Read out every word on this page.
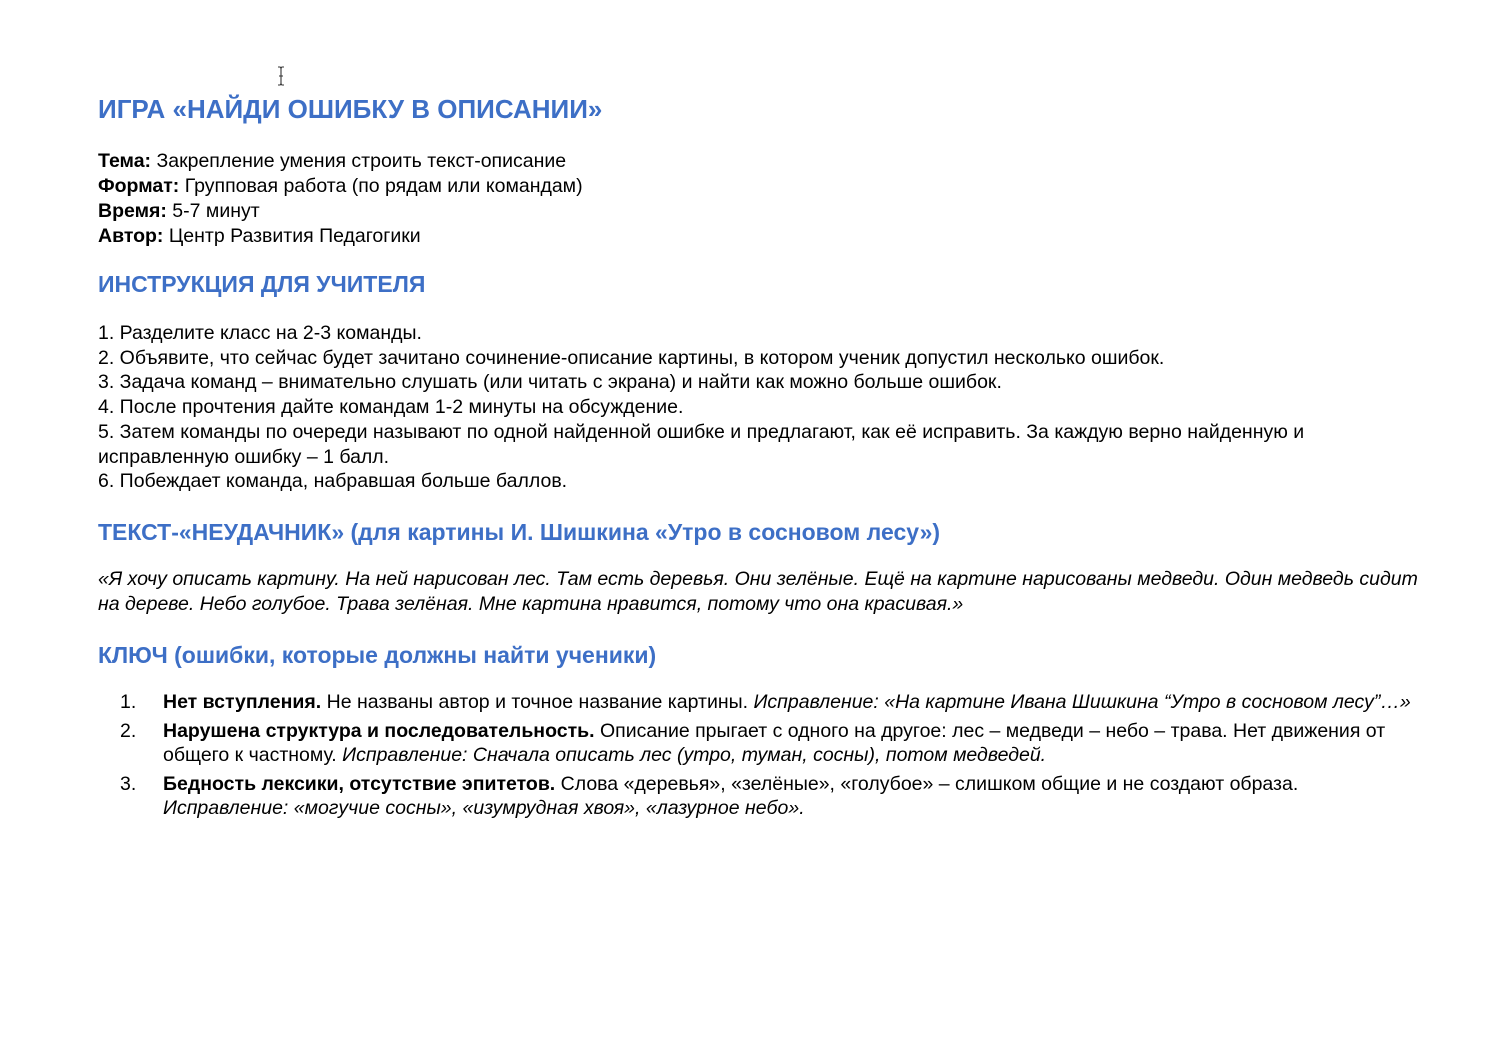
ИГРА «НАЙДИ ОШИБКУ В ОПИСАНИИ»
Тема: Закрепление умения строить текст-описание
Формат: Групповая работа (по рядам или командам)
Время: 5-7 минут
Автор: Центр Развития Педагогики
ИНСТРУКЦИЯ ДЛЯ УЧИТЕЛЯ

1. Разделите класс на 2-3 команды.

2. Объявите, что сейчас будет зачитано сочинение-описание картины, в котором ученик допустил несколько ошибок.

3. Задача команд – внимательно слушать (или читать с экрана) и найти как можно больше ошибок.

4. После прочтения дайте командам 1-2 минуты на обсуждение.

5. Затем команды по очереди называют по одной найденной ошибке и предлагают, как её исправить. За каждую верно найденную и исправленную ошибку – 1 балл.

6. Побеждает команда, набравшая больше баллов.

ТЕКСТ-«НЕУДАЧНИК» (для картины И. Шишкина «Утро в сосновом лесу»)

«Я хочу описать картину. На ней нарисован лес. Там есть деревья. Они зелёные. Ещё на картине нарисованы медведи. Один медведь сидит на дереве. Небо голубое. Трава зелёная. Мне картина нравится, потому что она красивая.»

КЛЮЧ (ошибки, которые должны найти ученики)
1. Нет вступления. Не названы автор и точное название картины. Исправление: «На картине Ивана Шишкина “Утро в сосновом лесу”…»
2. Нарушена структура и последовательность. Описание прыгает с одного на другое: лес – медведи – небо – трава. Нет движения от общего к частному. Исправление: Сначала описать лес (утро, туман, сосны), потом медведей.
3. Бедность лексики, отсутствие эпитетов. Слова «деревья», «зелёные», «голубое» – слишком общие и не создают образа. Исправление: «могучие сосны», «изумрудная хвоя», «лазурное небо».
